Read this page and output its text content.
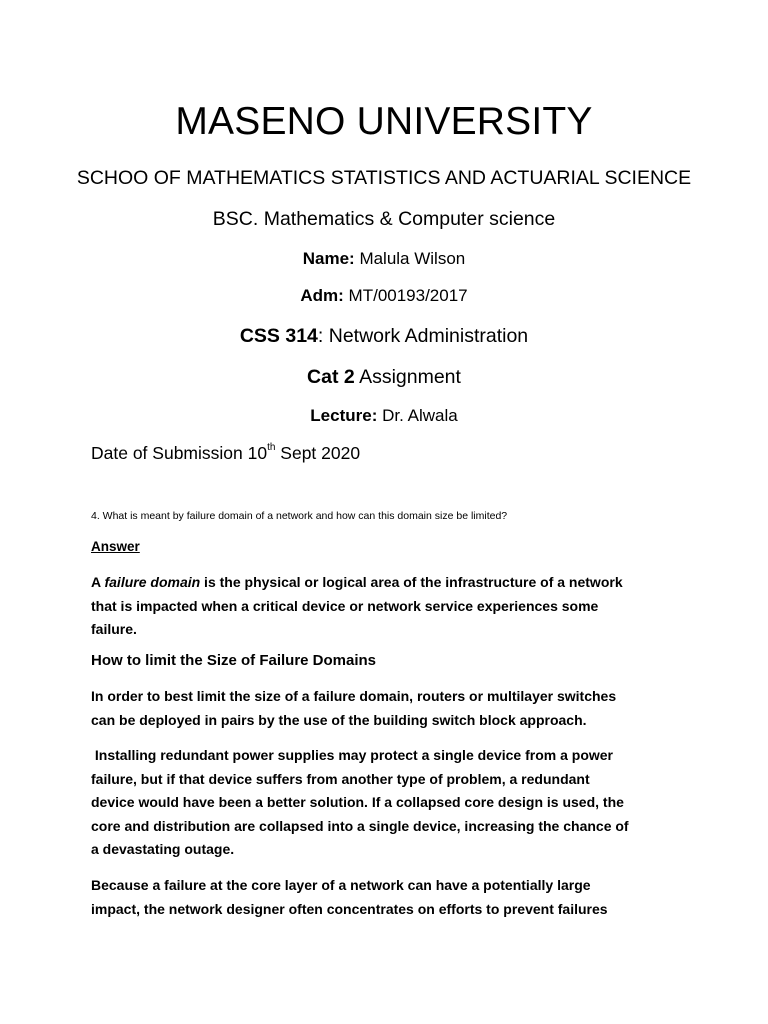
MASENO UNIVERSITY
SCHOO OF MATHEMATICS STATISTICS AND ACTUARIAL SCIENCE
BSC. Mathematics & Computer science
Name: Malula Wilson
Adm: MT/00193/2017
CSS 314: Network Administration
Cat 2 Assignment
Lecture: Dr. Alwala
Date of Submission 10th Sept 2020
4. What is meant by failure domain of a network and how can this domain size be limited?
Answer
A failure domain is the physical or logical area of the infrastructure of a network
that is impacted when a critical device or network service experiences some
failure.
How to limit the Size of Failure Domains
In order to best limit the size of a failure domain, routers or multilayer switches
can be deployed in pairs by the use of the building switch block approach.
Installing redundant power supplies may protect a single device from a power
failure, but if that device suffers from another type of problem, a redundant
device would have been a better solution. If a collapsed core design is used, the
core and distribution are collapsed into a single device, increasing the chance of
a devastating outage.
Because a failure at the core layer of a network can have a potentially large
impact, the network designer often concentrates on efforts to prevent failures
